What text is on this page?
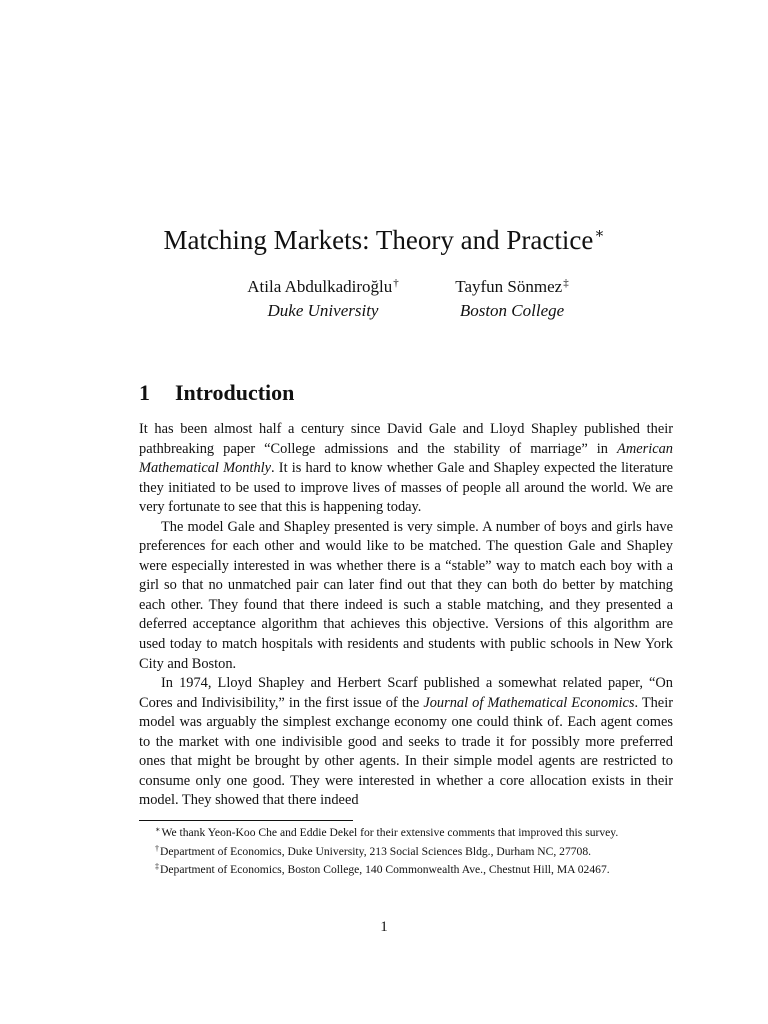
Matching Markets: Theory and Practice∗
Atila Abdulkadiroğlu†
Duke University
Tayfun Sönmez‡
Boston College
1 Introduction

It has been almost half a century since David Gale and Lloyd Shapley published their pathbreaking paper “College admissions and the stability of marriage” in American Mathematical Monthly. It is hard to know whether Gale and Shapley expected the literature they initiated to be used to improve lives of masses of people all around the world. We are very fortunate to see that this is happening today.

The model Gale and Shapley presented is very simple. A number of boys and girls have preferences for each other and would like to be matched. The question Gale and Shapley were especially interested in was whether there is a “stable” way to match each boy with a girl so that no unmatched pair can later find out that they can both do better by matching each other. They found that there indeed is such a stable matching, and they presented a deferred acceptance algorithm that achieves this objective. Versions of this algorithm are used today to match hospitals with residents and students with public schools in New York City and Boston.

In 1974, Lloyd Shapley and Herbert Scarf published a somewhat related paper, “On Cores and Indivisibility,” in the first issue of the Journal of Mathematical Economics. Their model was arguably the simplest exchange economy one could think of. Each agent comes to the market with one indivisible good and seeks to trade it for possibly more preferred ones that might be brought by other agents. In their simple model agents are restricted to consume only one good. They were interested in whether a core allocation exists in their model. They showed that there indeed

∗We thank Yeon-Koo Che and Eddie Dekel for their extensive comments that improved this survey.

†Department of Economics, Duke University, 213 Social Sciences Bldg., Durham NC, 27708.

‡Department of Economics, Boston College, 140 Commonwealth Ave., Chestnut Hill, MA 02467.

1
